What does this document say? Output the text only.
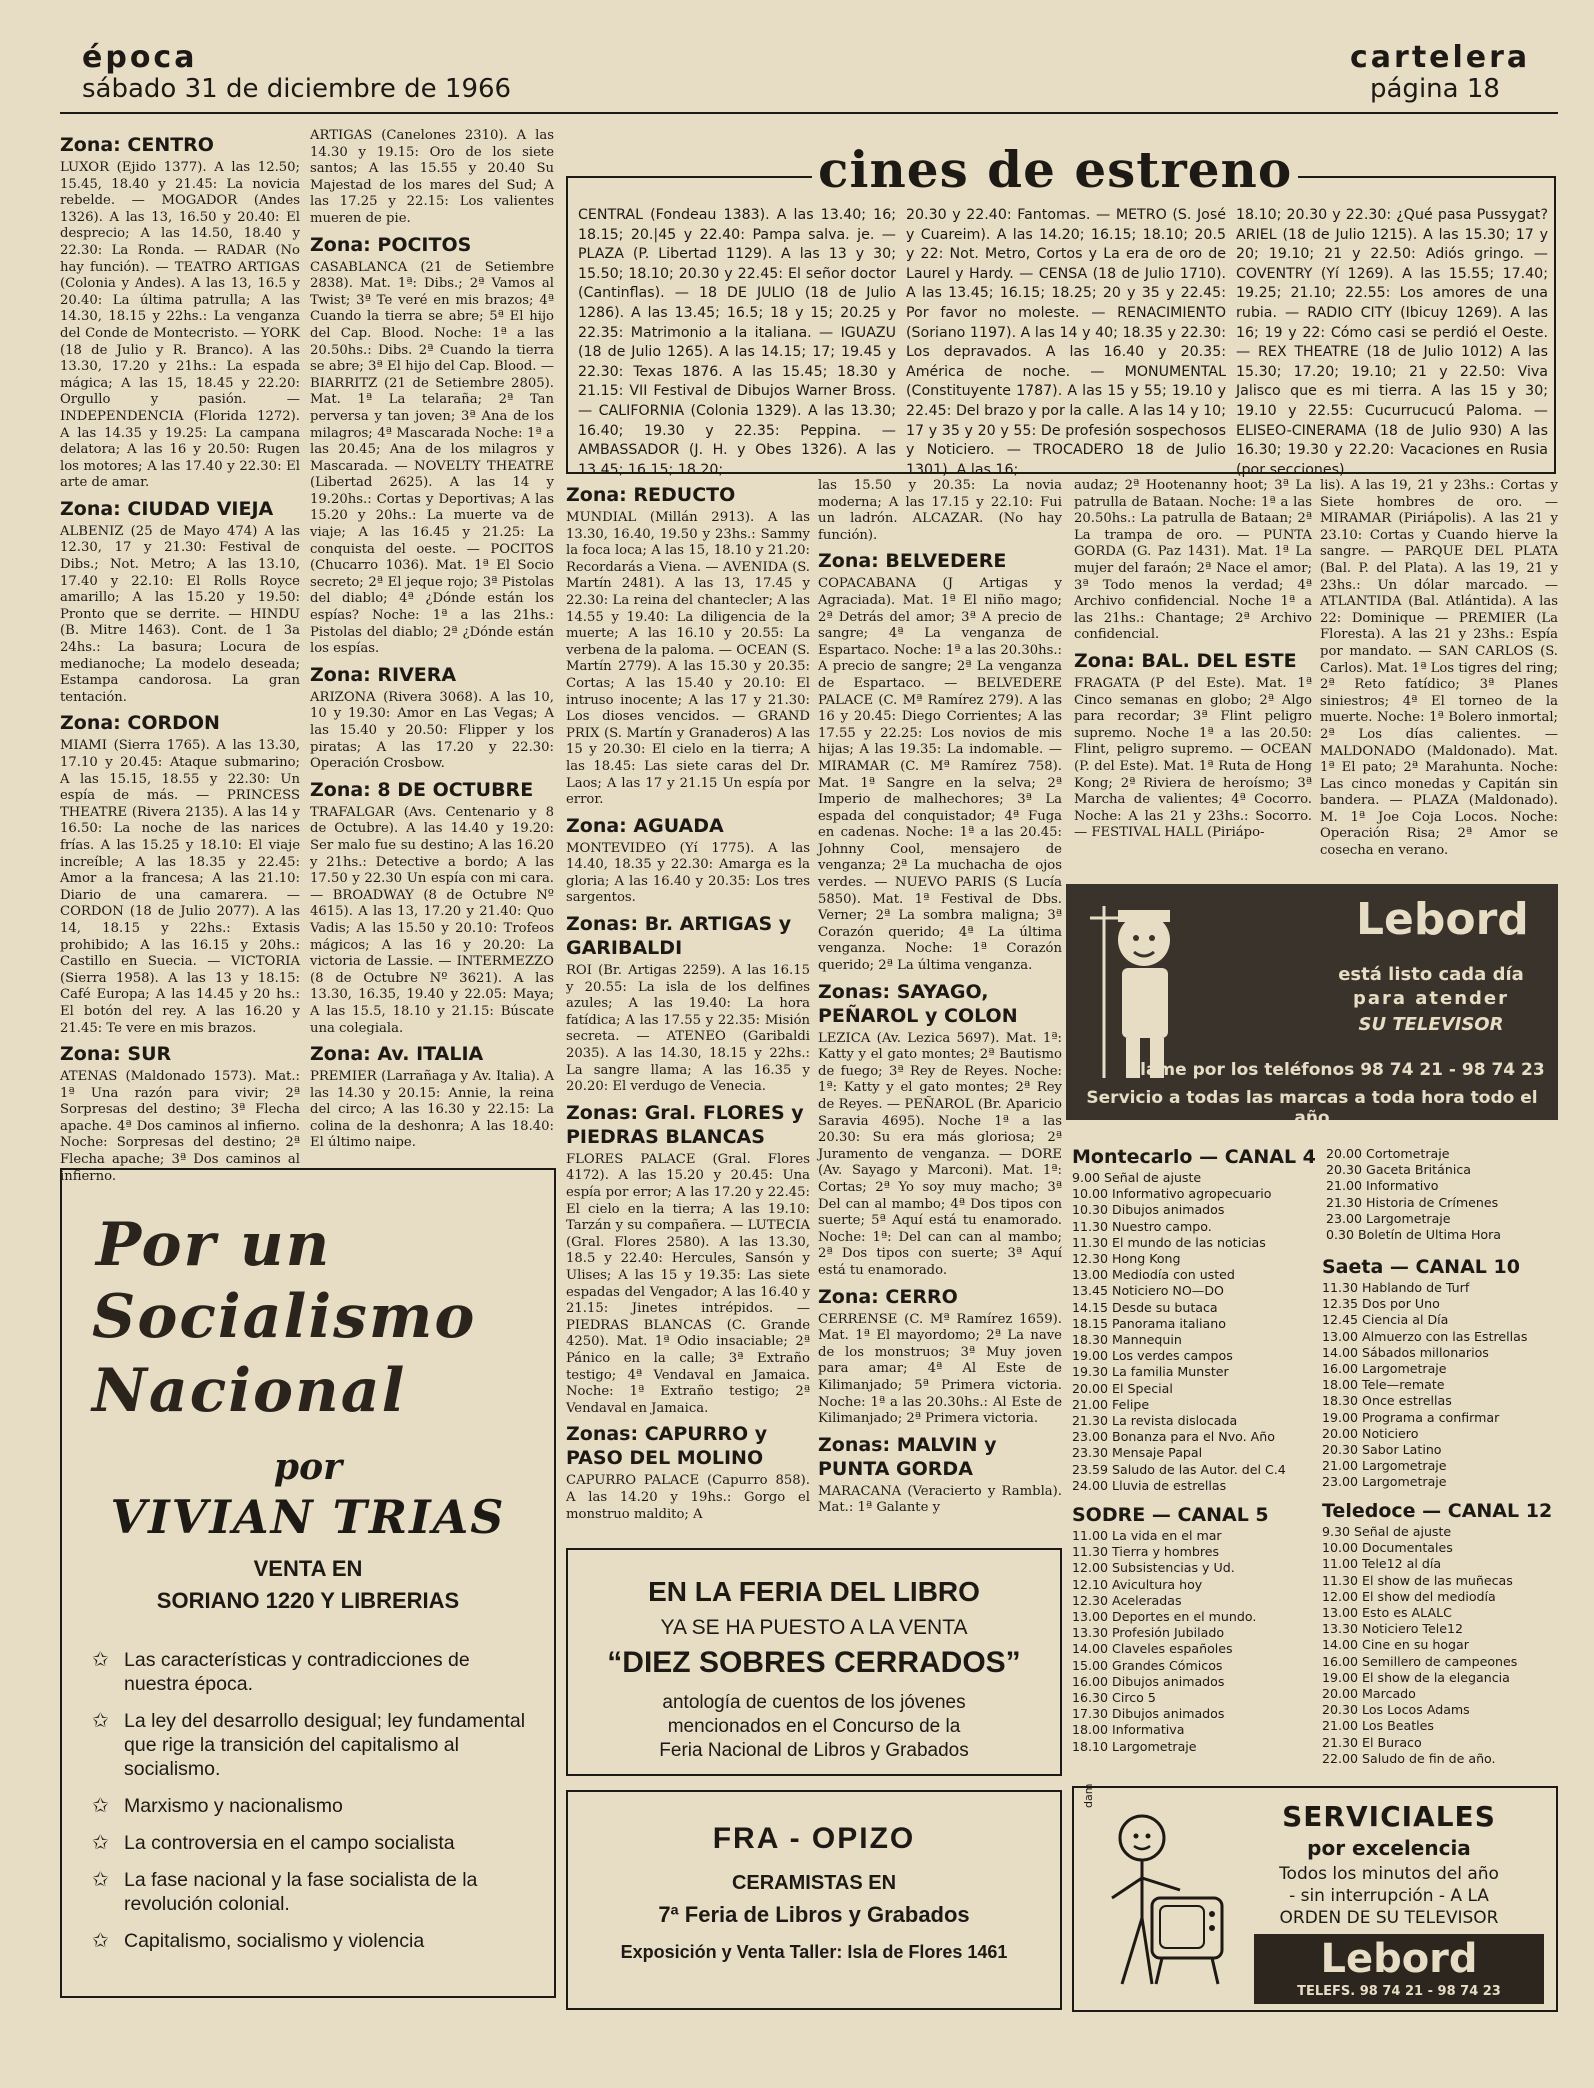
época
sábado 31 de diciembre de 1966
cartelera
página 18
Zona: CENTRO

LUXOR (Ejido 1377). A las 12.50; 15.45, 18.40 y 21.45: La novicia rebelde. — MOGADOR (Andes 1326). A las 13, 16.50 y 20.40: El desprecio; A las 14.50, 18.40 y 22.30: La Ronda. — RADAR (No hay función). — TEATRO ARTIGAS (Colonia y Andes). A las 13, 16.5 y 20.40: La última patrulla; A las 14.30, 18.15 y 22hs.: La venganza del Conde de Montecristo. — YORK (18 de Julio y R. Branco). A las 13.30, 17.20 y 21hs.: La espada mágica; A las 15, 18.45 y 22.20: Orgullo y pasión. — INDEPENDENCIA (Florida 1272). A las 14.35 y 19.25: La campana delatora; A las 16 y 20.50: Rugen los motores; A las 17.40 y 22.30: El arte de amar.

Zona: CIUDAD VIEJA

ALBENIZ (25 de Mayo 474) A las 12.30, 17 y 21.30: Festival de Dibs.; Not. Metro; A las 13.10, 17.40 y 22.10: El Rolls Royce amarillo; A las 15.20 y 19.50: Pronto que se derrite. — HINDU (B. Mitre 1463). Cont. de 1 3a 24hs.: La basura; Locura de medianoche; La modelo deseada; Estampa candorosa. La gran tentación.

Zona: CORDON

MIAMI (Sierra 1765). A las 13.30, 17.10 y 20.45: Ataque submarino; A las 15.15, 18.55 y 22.30: Un espía de más. — PRINCESS THEATRE (Rivera 2135). A las 14 y 16.50: La noche de las narices frías. A las 15.25 y 18.10: El viaje increíble; A las 18.35 y 22.45: Amor a la francesa; A las 21.10: Diario de una camarera. — CORDON (18 de Julio 2077). A las 14, 18.15 y 22hs.: Extasis prohibido; A las 16.15 y 20hs.: Castillo en Suecia. — VICTORIA (Sierra 1958). A las 13 y 18.15: Café Europa; A las 14.45 y 20 hs.: El botón del rey. A las 16.20 y 21.45: Te vere en mis brazos.

Zona: SUR

ATENAS (Maldonado 1573). Mat.: 1ª Una razón para vivir; 2ª Sorpresas del destino; 3ª Flecha apache. 4ª Dos caminos al infierno. Noche: Sorpresas del destino; 2ª Flecha apache; 3ª Dos caminos al infierno.

ARTIGAS (Canelones 2310). A las 14.30 y 19.15: Oro de los siete santos; A las 15.55 y 20.40 Su Majestad de los mares del Sud; A las 17.25 y 22.15: Los valientes mueren de pie.

Zona: POCITOS

CASABLANCA (21 de Setiembre 2838). Mat. 1ª: Dibs.; 2ª Vamos al Twist; 3ª Te veré en mis brazos; 4ª Cuando la tierra se abre; 5ª El hijo del Cap. Blood. Noche: 1ª a las 20.50hs.: Dibs. 2ª Cuando la tierra se abre; 3ª El hijo del Cap. Blood. — BIARRITZ (21 de Setiembre 2805). Mat. 1ª La telaraña; 2ª Tan perversa y tan joven; 3ª Ana de los milagros; 4ª Mascarada Noche: 1ª a las 20.45; Ana de los milagros y Mascarada. — NOVELTY THEATRE (Libertad 2625). A las 14 y 19.20hs.: Cortas y Deportivas; A las 15.20 y 20hs.: La muerte va de viaje; A las 16.45 y 21.25: La conquista del oeste. — POCITOS (Chucarro 1036). Mat. 1ª El Socio secreto; 2ª El jeque rojo; 3ª Pistolas del diablo; 4ª ¿Dónde están los espías? Noche: 1ª a las 21hs.: Pistolas del diablo; 2ª ¿Dónde están los espías.

Zona: RIVERA

ARIZONA (Rivera 3068). A las 10, 10 y 19.30: Amor en Las Vegas; A las 15.40 y 20.50: Flipper y los piratas; A las 17.20 y 22.30: Operación Crosbow.

Zona: 8 DE OCTUBRE

TRAFALGAR (Avs. Centenario y 8 de Octubre). A las 14.40 y 19.20: Ser malo fue su destino; A las 16.20 y 21hs.: Detective a bordo; A las 17.50 y 22.30 Un espía con mi cara. — BROADWAY (8 de Octubre Nº 4615). A las 13, 17.20 y 21.40: Quo Vadis; A las 15.50 y 20.10: Trofeos mágicos; A las 16 y 20.20: La victoria de Lassie. — INTERMEZZO (8 de Octubre Nº 3621). A las 13.30, 16.35, 19.40 y 22.05: Maya; A las 15.5, 18.10 y 21.15: Búscate una colegiala.

Zona: Av. ITALIA

PREMIER (Larrañaga y Av. Italia). A las 14.30 y 20.15: Annie, la reina del circo; A las 16.30 y 22.15: La colina de la deshonra; A las 18.40: El último naipe.

cines de estreno
CENTRAL (Fondeau 1383). A las 13.40; 16; 18.15; 20.|45 y 22.40: Pampa salva. je. — PLAZA (P. Libertad 1129). A las 13 y 30; 15.50; 18.10; 20.30 y 22.45: El señor doctor (Cantinflas). — 18 DE JULIO (18 de Julio 1286). A las 13.45; 16.5; 18 y 15; 20.25 y 22.35: Matrimonio a la italiana. — IGUAZU (18 de Julio 1265). A las 14.15; 17; 19.45 y 22.30: Texas 1876. A las 15.45; 18.30 y 21.15: VII Festival de Dibujos Warner Bross. — CALIFORNIA (Colonia 1329). A las 13.30; 16.40; 19.30 y 22.35: Peppina. — AMBASSADOR (J. H. y Obes 1326). A las 13.45; 16.15; 18.20;
20.30 y 22.40: Fantomas. — METRO (S. José y Cuareim). A las 14.20; 16.15; 18.10; 20.5 y 22: Not. Metro, Cortos y La era de oro de Laurel y Hardy. — CENSA (18 de Julio 1710). A las 13.45; 16.15; 18.25; 20 y 35 y 22.45: Por favor no moleste. — RENACIMIENTO (Soriano 1197). A las 14 y 40; 18.35 y 22.30: Los depravados. A las 16.40 y 20.35: América de noche. — MONUMENTAL (Constituyente 1787). A las 15 y 55; 19.10 y 22.45: Del brazo y por la calle. A las 14 y 10; 17 y 35 y 20 y 55: De profesión sospechosos y Noticiero. — TROCADERO 18 de Julio 1301). A las 16;
18.10; 20.30 y 22.30: ¿Qué pasa Pussygat? ARIEL (18 de Julio 1215). A las 15.30; 17 y 20; 19.10; 21 y 22.50: Adiós gringo. — COVENTRY (Yí 1269). A las 15.55; 17.40; 19.25; 21.10; 22.55: Los amores de una rubia. — RADIO CITY (Ibicuy 1269). A las 16; 19 y 22: Cómo casi se perdió el Oeste. — REX THEATRE (18 de Julio 1012) A las 15.30; 17.20; 19.10; 21 y 22.50: Viva Jalisco que es mi tierra. A las 15 y 30; 19.10 y 22.55: Cucurrucucú Paloma. — ELISEO-CINERAMA (18 de Julio 930) A las 16.30; 19.30 y 22.20: Vacaciones en Rusia (por secciones).
Zona: REDUCTO

MUNDIAL (Millán 2913). A las 13.30, 16.40, 19.50 y 23hs.: Sammy la foca loca; A las 15, 18.10 y 21.20: Recordarás a Viena. — AVENIDA (S. Martín 2481). A las 13, 17.45 y 22.30: La reina del chantecler; A las 14.55 y 19.40: La diligencia de la muerte; A las 16.10 y 20.55: La verbena de la paloma. — OCEAN (S. Martín 2779). A las 15.30 y 20.35: Cortas; A las 15.40 y 20.10: El intruso inocente; A las 17 y 21.30: Los dioses vencidos. — GRAND PRIX (S. Martín y Granaderos) A las 15 y 20.30: El cielo en la tierra; A las 18.45: Las siete caras del Dr. Laos; A las 17 y 21.15 Un espía por error.

Zona: AGUADA

MONTEVIDEO (Yí 1775). A las 14.40, 18.35 y 22.30: Amarga es la gloria; A las 16.40 y 20.35: Los tres sargentos.

Zonas: Br. ARTIGAS y GARIBALDI

ROI (Br. Artigas 2259). A las 16.15 y 20.55: La isla de los delfines azules; A las 19.40: La hora fatídica; A las 17.55 y 22.35: Misión secreta. — ATENEO (Garibaldi 2035). A las 14.30, 18.15 y 22hs.: La sangre llama; A las 16.35 y 20.20: El verdugo de Venecia.

Zonas: Gral. FLORES y PIEDRAS BLANCAS

FLORES PALACE (Gral. Flores 4172). A las 15.20 y 20.45: Una espía por error; A las 17.20 y 22.45: El cielo en la tierra; A las 19.10: Tarzán y su compañera. — LUTECIA (Gral. Flores 2580). A las 13.30, 18.5 y 22.40: Hercules, Sansón y Ulises; A las 15 y 19.35: Las siete espadas del Vengador; A las 16.40 y 21.15: Jinetes intrépidos. — PIEDRAS BLANCAS (C. Grande 4250). Mat. 1ª Odio insaciable; 2ª Pánico en la calle; 3ª Extraño testigo; 4ª Vendaval en Jamaica. Noche: 1ª Extraño testigo; 2ª Vendaval en Jamaica.

Zonas: CAPURRO y PASO DEL MOLINO

CAPURRO PALACE (Capurro 858). A las 14.20 y 19hs.: Gorgo el monstruo maldito; A

las 15.50 y 20.35: La novia moderna; A las 17.15 y 22.10: Fui un ladrón. ALCAZAR. (No hay función).

Zona: BELVEDERE

COPACABANA (J Artigas y Agraciada). Mat. 1ª El niño mago; 2ª Detrás del amor; 3ª A precio de sangre; 4ª La venganza de Espartaco. Noche: 1ª a las 20.30hs.: A precio de sangre; 2ª La venganza de Espartaco. — BELVEDERE PALACE (C. Mª Ramírez 279). A las 16 y 20.45: Diego Corrientes; A las 17.55 y 22.25: Los novios de mis hijas; A las 19.35: La indomable. — MIRAMAR (C. Mª Ramírez 758). Mat. 1ª Sangre en la selva; 2ª Imperio de malhechores; 3ª La espada del conquistador; 4ª Fuga en cadenas. Noche: 1ª a las 20.45: Johnny Cool, mensajero de venganza; 2ª La muchacha de ojos verdes. — NUEVO PARIS (S Lucía 5850). Mat. 1ª Festival de Dbs. Verner; 2ª La sombra maligna; 3ª Corazón querido; 4ª La última venganza. Noche: 1ª Corazón querido; 2ª La última venganza.

Zonas: SAYAGO, PEÑAROL y COLON

LEZICA (Av. Lezica 5697). Mat. 1ª: Katty y el gato montes; 2ª Bautismo de fuego; 3ª Rey de Reyes. Noche: 1ª: Katty y el gato montes; 2ª Rey de Reyes. — PEÑAROL (Br. Aparicio Saravia 4695). Noche 1ª a las 20.30: Su era más gloriosa; 2ª Juramento de venganza. — DORE (Av. Sayago y Marconi). Mat. 1ª: Cortas; 2ª Yo soy muy macho; 3ª Del can al mambo; 4ª Dos tipos con suerte; 5ª Aquí está tu enamorado. Noche: 1ª: Del can can al mambo; 2ª Dos tipos con suerte; 3ª Aquí está tu enamorado.

Zona: CERRO

CERRENSE (C. Mª Ramírez 1659). Mat. 1ª El mayordomo; 2ª La nave de los monstruos; 3ª Muy joven para amar; 4ª Al Este de Kilimanjado; 5ª Primera victoria. Noche: 1ª a las 20.30hs.: Al Este de Kilimanjado; 2ª Primera victoria.

Zonas: MALVIN y PUNTA GORDA

MARACANA (Veracierto y Rambla). Mat.: 1ª Galante y

audaz; 2ª Hootenanny hoot; 3ª La patrulla de Bataan. Noche: 1ª a las 20.50hs.: La patrulla de Bataan; 2ª La trampa de oro. — PUNTA GORDA (G. Paz 1431). Mat. 1ª La mujer del faraón; 2ª Nace el amor; 3ª Todo menos la verdad; 4ª Archivo confidencial. Noche 1ª a las 21hs.: Chantage; 2ª Archivo confidencial.

Zona: BAL. DEL ESTE

FRAGATA (P del Este). Mat. 1ª Cinco semanas en globo; 2ª Algo para recordar; 3ª Flint peligro supremo. Noche 1ª a las 20.50: Flint, peligro supremo. — OCEAN (P. del Este). Mat. 1ª Ruta de Hong Kong; 2ª Riviera de heroísmo; 3ª Marcha de valientes; 4ª Cocorro. Noche: A las 21 y 23hs.: Socorro. — FESTIVAL HALL (Piriápo-

lis). A las 19, 21 y 23hs.: Cortas y Siete hombres de oro. — MIRAMAR (Piriápolis). A las 21 y 23.10: Cortas y Cuando hierve la sangre. — PARQUE DEL PLATA (Bal. P. del Plata). A las 19, 21 y 23hs.: Un dólar marcado. — ATLANTIDA (Bal. Atlántida). A las 22: Dominique — PREMIER (La Floresta). A las 21 y 23hs.: Espía por mandato. — SAN CARLOS (S. Carlos). Mat. 1ª Los tigres del ring; 2ª Reto fatídico; 3ª Planes siniestros; 4ª El torneo de la muerte. Noche: 1ª Bolero inmortal; 2ª Los días calientes. — MALDONADO (Maldonado). Mat. 1ª El pato; 2ª Marahunta. Noche: Las cinco monedas y Capitán sin bandera. — PLAZA (Maldonado). M. 1ª Joe Coja Locos. Noche: Operación Risa; 2ª Amor se cosecha en verano.

Por un
Socialismo
Nacional
por
VIVIAN TRIAS
VENTA EN
SORIANO 1220 Y LIBRERIAS
✩ Las características y contradicciones de nuestra época.
✩ La ley del desarrollo desigual; ley fundamental que rige la transición del capitalismo al socialismo.
✩ Marxismo y nacionalismo
✩ La controversia en el campo socialista
✩ La fase nacional y la fase socialista de la revolución colonial.
✩ Capitalismo, socialismo y violencia
Lebord
está listo cada día
para atender
SU TELEVISOR
Llame por los teléfonos 98 74 21 - 98 74 23
Servicio a todas las marcas a toda hora todo el año
Montecarlo — CANAL 4
9.00 Señal de ajuste
10.00 Informativo agropecuario
10.30 Dibujos animados
11.30 Nuestro campo.
11.30 El mundo de las noticias
12.30 Hong Kong
13.00 Mediodía con usted
13.45 Noticiero NO—DO
14.15 Desde su butaca
18.15 Panorama italiano
18.30 Mannequin
19.00 Los verdes campos
19.30 La familia Munster
20.00 El Special
21.00 Felipe
21.30 La revista dislocada
23.00 Bonanza para el Nvo. Año
23.30 Mensaje Papal
23.59 Saludo de las Autor. del C.4
24.00 Lluvia de estrellas
20.00 Cortometraje
20.30 Gaceta Británica
21.00 Informativo
21.30 Historia de Crímenes
23.00 Largometraje
0.30 Boletín de Ultima Hora
Saeta — CANAL 10
11.30 Hablando de Turf
12.35 Dos por Uno
12.45 Ciencia al Día
13.00 Almuerzo con las Estrellas
14.00 Sábados millonarios
16.00 Largometraje
18.00 Tele—remate
18.30 Once estrellas
19.00 Programa a confirmar
20.00 Noticiero
20.30 Sabor Latino
21.00 Largometraje
23.00 Largometraje
SODRE — CANAL 5
11.00 La vida en el mar
11.30 Tierra y hombres
12.00 Subsistencias y Ud.
12.10 Avicultura hoy
12.30 Aceleradas
13.00 Deportes en el mundo.
13.30 Profesión Jubilado
14.00 Claveles españoles
15.00 Grandes Cómicos
16.00 Dibujos animados
16.30 Circo 5
17.30 Dibujos animados
18.00 Informativa
18.10 Largometraje
Teledoce — CANAL 12
9.30 Señal de ajuste
10.00 Documentales
11.00 Tele12 al día
11.30 El show de las muñecas
12.00 El show del mediodía
13.00 Esto es ALALC
13.30 Noticiero Tele12
14.00 Cine en su hogar
16.00 Semillero de campeones
19.00 El show de la elegancia
20.00 Marcado
20.30 Los Locos Adams
21.00 Los Beatles
21.30 El Buraco
22.00 Saludo de fin de año.
EN LA FERIA DEL LIBRO
YA SE HA PUESTO A LA VENTA
“DIEZ SOBRES CERRADOS”
antología de cuentos de los jóvenes
mencionados en el Concurso de la
Feria Nacional de Libros y Grabados
FRA - OPIZO
CERAMISTAS EN
7ª Feria de Libros y Grabados
Exposición y Venta Taller: Isla de Flores 1461
dam
SERVICIALES
por excelencia
Todos los minutos del año
- sin interrupción - A LA
ORDEN DE SU TELEVISOR
Lebord
TELEFS. 98 74 21 - 98 74 23
